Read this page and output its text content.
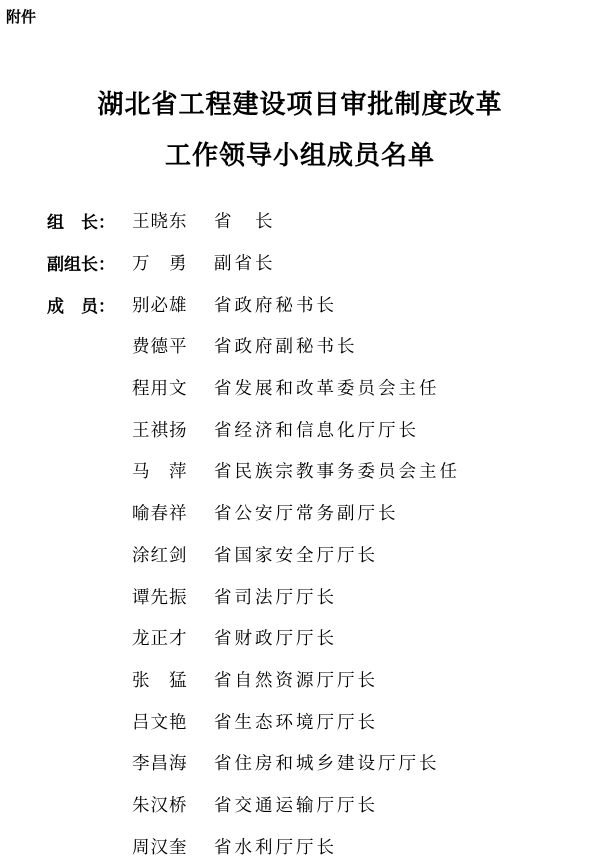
附件

湖北省工程建设项目审批制度改革
工作领导小组成员名单
组　长： 王晓东	省　长
副组长： 万　勇	副省长
成　员： 别必雄	省政府秘书长
费德平	省政府副秘书长
程用文	省发展和改革委员会主任
王祺扬	省经济和信息化厅厅长
马　萍	省民族宗教事务委员会主任
喻春祥	省公安厅常务副厅长
涂红剑	省国家安全厅厅长
谭先振	省司法厅厅长
龙正才	省财政厅厅长
张　猛	省自然资源厅厅长
吕文艳	省生态环境厅厅长
李昌海	省住房和城乡建设厅厅长
朱汉桥	省交通运输厅厅长
周汉奎	省水利厅厅长
